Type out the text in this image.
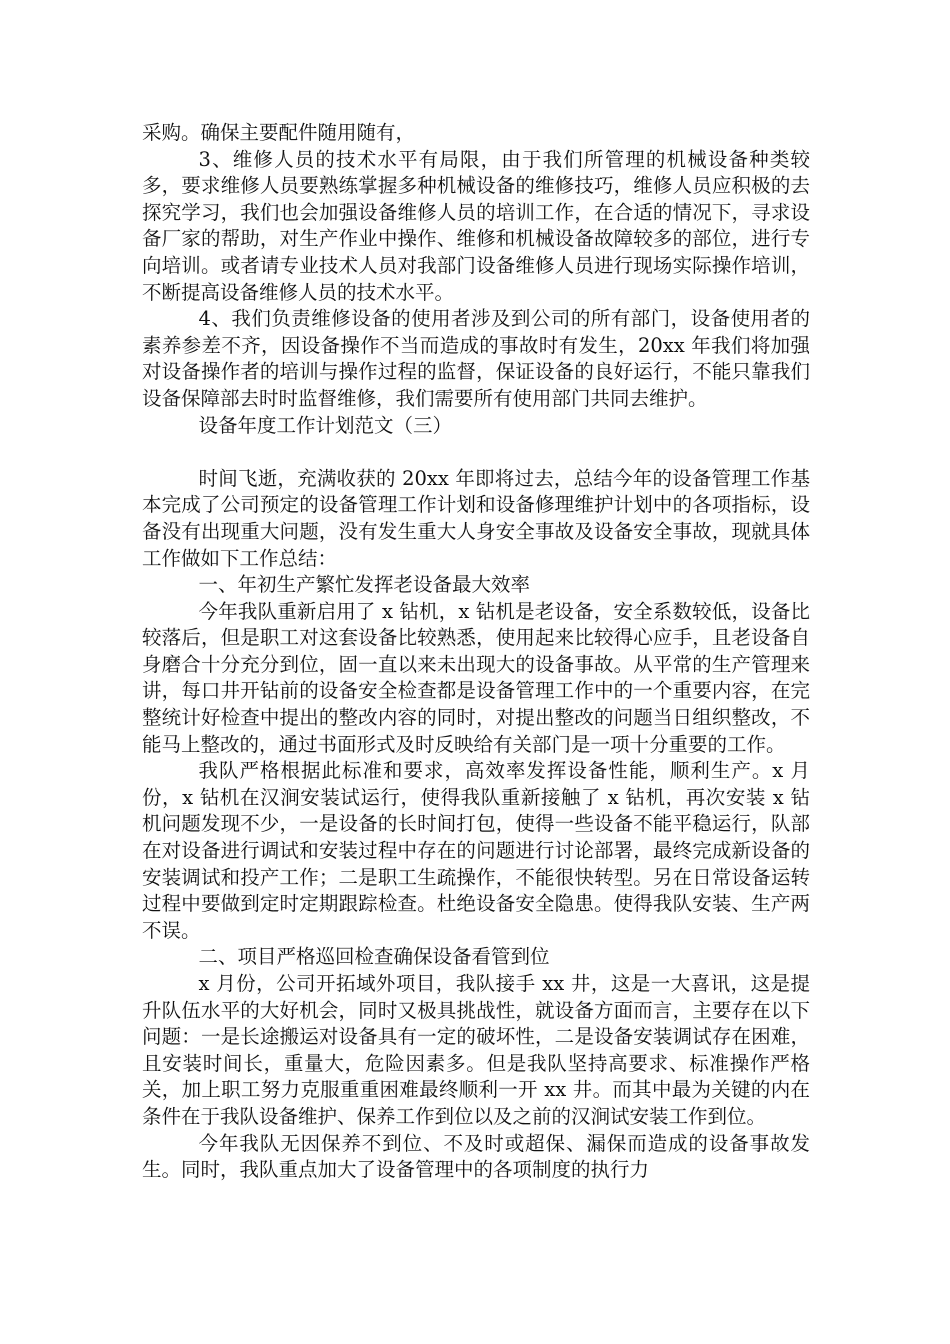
采购。确保主要配件随用随有，

3、维修人员的技术水平有局限，由于我们所管理的机械设备种类较多，要求维修人员要熟练掌握多种机械设备的维修技巧，维修人员应积极的去探究学习，我们也会加强设备维修人员的培训工作，在合适的情况下，寻求设备厂家的帮助，对生产作业中操作、维修和机械设备故障较多的部位，进行专向培训。或者请专业技术人员对我部门设备维修人员进行现场实际操作培训，不断提高设备维修人员的技术水平。

4、我们负责维修设备的使用者涉及到公司的所有部门，设备使用者的素养参差不齐，因设备操作不当而造成的事故时有发生，20xx 年我们将加强对设备操作者的培训与操作过程的监督，保证设备的良好运行，不能只靠我们设备保障部去时时监督维修，我们需要所有使用部门共同去维护。

设备年度工作计划范文（三）

时间飞逝，充满收获的 20xx 年即将过去，总结今年的设备管理工作基本完成了公司预定的设备管理工作计划和设备修理维护计划中的各项指标，设备没有出现重大问题，没有发生重大人身安全事故及设备安全事故，现就具体工作做如下工作总结：

一、年初生产繁忙发挥老设备最大效率

今年我队重新启用了 x 钻机，x 钻机是老设备，安全系数较低，设备比较落后，但是职工对这套设备比较熟悉，使用起来比较得心应手，且老设备自身磨合十分充分到位，固一直以来未出现大的设备事故。从平常的生产管理来讲，每口井开钻前的设备安全检查都是设备管理工作中的一个重要内容，在完整统计好检查中提出的整改内容的同时，对提出整改的问题当日组织整改，不能马上整改的，通过书面形式及时反映给有关部门是一项十分重要的工作。

我队严格根据此标准和要求，高效率发挥设备性能，顺利生产。x 月份，x 钻机在汉涧安装试运行，使得我队重新接触了 x 钻机，再次安装 x 钻机问题发现不少，一是设备的长时间打包，使得一些设备不能平稳运行，队部在对设备进行调试和安装过程中存在的问题进行讨论部署，最终完成新设备的安装调试和投产工作；二是职工生疏操作，不能很快转型。另在日常设备运转过程中要做到定时定期跟踪检查。杜绝设备安全隐患。使得我队安装、生产两不误。

二、项目严格巡回检查确保设备看管到位

x 月份，公司开拓域外项目，我队接手 xx 井，这是一大喜讯，这是提升队伍水平的大好机会，同时又极具挑战性，就设备方面而言，主要存在以下问题：一是长途搬运对设备具有一定的破坏性，二是设备安装调试存在困难，且安装时间长，重量大，危险因素多。但是我队坚持高要求、标准操作严格关，加上职工努力克服重重困难最终顺利一开 xx 井。而其中最为关键的内在条件在于我队设备维护、保养工作到位以及之前的汉涧试安装工作到位。

今年我队无因保养不到位、不及时或超保、漏保而造成的设备事故发生。同时，我队重点加大了设备管理中的各项制度的执行力
